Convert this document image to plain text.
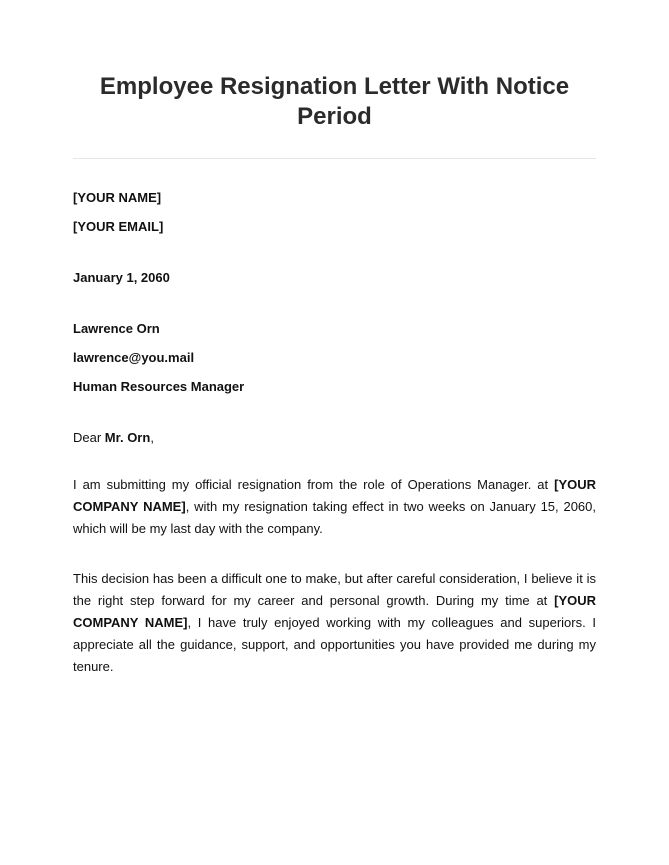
Employee Resignation Letter With Notice Period
[YOUR NAME]
[YOUR EMAIL]
January 1, 2060
Lawrence Orn
lawrence@you.mail
Human Resources Manager
Dear Mr. Orn,

I am submitting my official resignation from the role of Operations Manager. at [YOUR COMPANY NAME], with my resignation taking effect in two weeks on January 15, 2060, which will be my last day with the company.

This decision has been a difficult one to make, but after careful consideration, I believe it is the right step forward for my career and personal growth. During my time at [YOUR COMPANY NAME], I have truly enjoyed working with my colleagues and superiors. I appreciate all the guidance, support, and opportunities you have provided me during my tenure.
